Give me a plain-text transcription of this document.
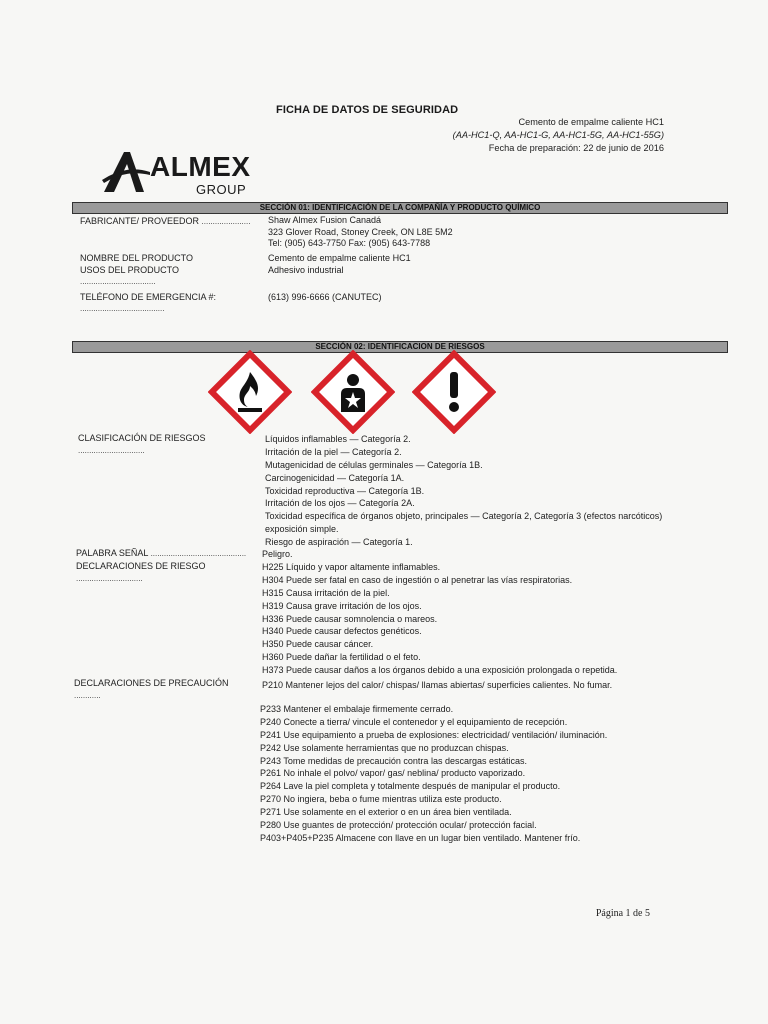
FICHA DE DATOS DE SEGURIDAD
Cemento de empalme caliente HC1
(AA-HC1-Q, AA-HC1-G, AA-HC1-5G, AA-HC1-55G)
Fecha de preparación: 22 de junio de 2016
ALMEX
GROUP
SECCIÓN 01: IDENTIFICACIÓN DE LA COMPAÑÍA Y PRODUCTO QUÍMICO
FABRICANTE/ PROVEEDOR ...................... Shaw Almex Fusion Canadá
323 Glover Road, Stoney Creek, ON L8E 5M2
Tel: (905) 643-7750 Fax: (905) 643-7788
NOMBRE DEL PRODUCTO	Cemento de empalme caliente HC1
USOS DEL PRODUCTO	Adhesivo industrial
..................................
TELÉFONO DE EMERGENCIA #:	(613) 996-6666 (CANUTEC)
......................................
SECCIÓN 02: IDENTIFICACION DE RIESGOS
CLASIFICACIÓN DE RIESGOS
..............................
Líquidos inflamables — Categoría 2.
Irritación de la piel — Categoría 2.
Mutagenicidad de células germinales — Categoría 1B.
Carcinogenicidad — Categoría 1A.
Toxicidad reproductiva — Categoría 1B.
Irritación de los ojos — Categoría 2A.
Toxicidad específica de órganos objeto, principales — Categoría 2, Categoría 3 (efectos narcóticos)
exposición simple.
Riesgo de aspiración — Categoría 1.
PALABRA SEÑAL ........................................... Peligro.
DECLARACIONES DE RIESGO
..............................
H225 Líquido y vapor altamente inflamables.
H304 Puede ser fatal en caso de ingestión o al penetrar las vías respiratorias.
H315 Causa irritación de la piel.
H319 Causa grave irritación de los ojos.
H336 Puede causar somnolencia o mareos.
H340 Puede causar defectos genéticos.
H350 Puede causar cáncer.
H360 Puede dañar la fertilidad o el feto.
H373 Puede causar daños a los órganos debido a una exposición prolongada o repetida.
DECLARACIONES DE PRECAUCIÓN
............
P210 Mantener lejos del calor/ chispas/ llamas abiertas/ superficies calientes. No fumar.
P233 Mantener el embalaje firmemente cerrado.
P240 Conecte a tierra/ vincule el contenedor y el equipamiento de recepción.
P241 Use equipamiento a prueba de explosiones: electricidad/ ventilación/ iluminación.
P242 Use solamente herramientas que no produzcan chispas.
P243 Tome medidas de precaución contra las descargas estáticas.
P261 No inhale el polvo/ vapor/ gas/ neblina/ producto vaporizado.
P264 Lave la piel completa y totalmente después de manipular el producto.
P270 No ingiera, beba o fume mientras utiliza este producto.
P271 Use solamente en el exterior o en un área bien ventilada.
P280 Use guantes de protección/ protección ocular/ protección facial.
P403+P405+P235 Almacene con llave en un lugar bien ventilado. Mantener frío.
Página 1 de 5
